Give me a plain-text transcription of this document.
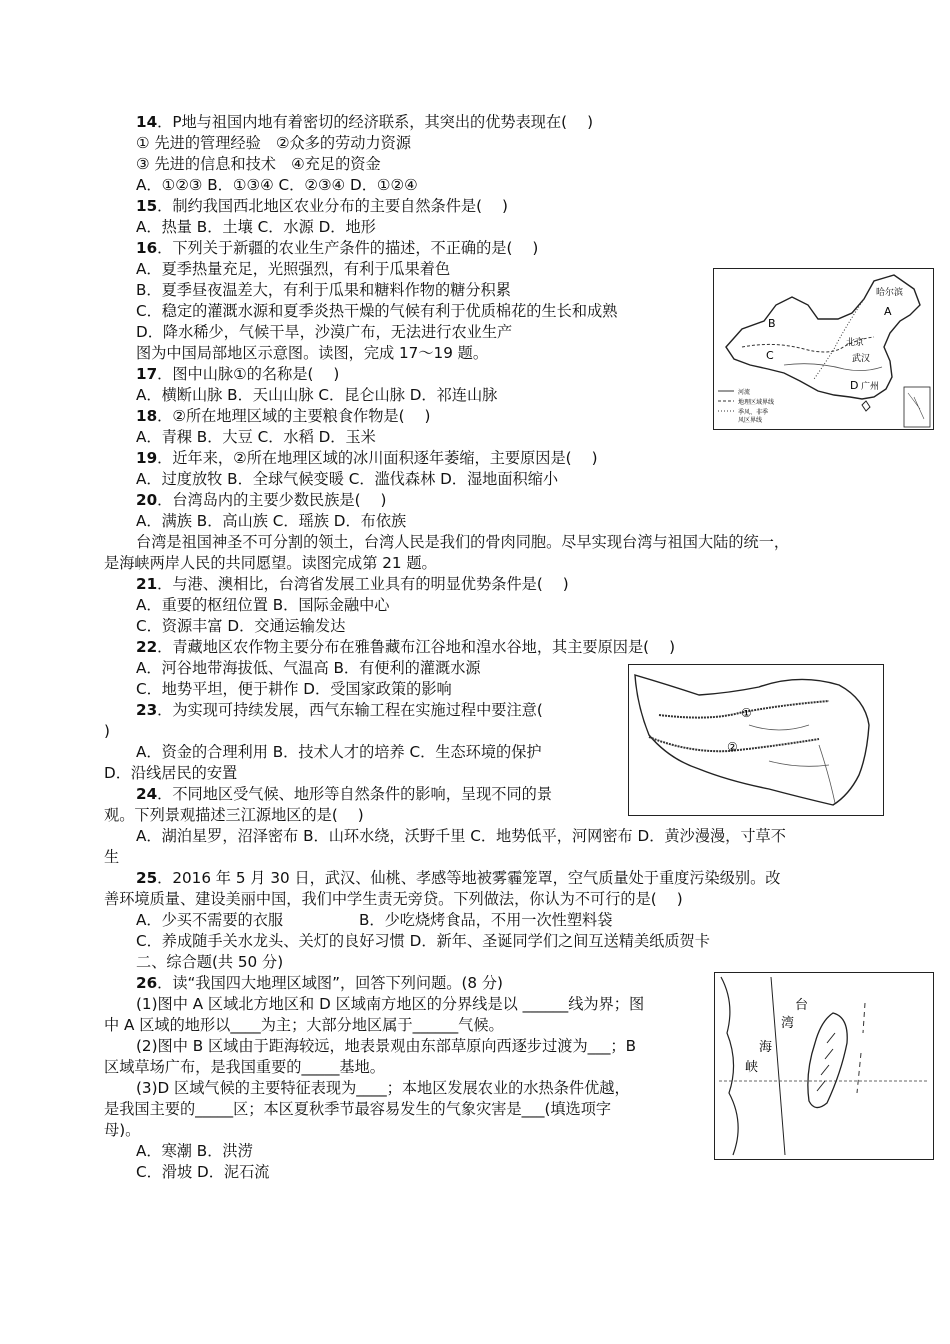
14．P地与祖国内地有着密切的经济联系，其突出的优势表现在(　 )
① 先进的管理经验　②众多的劳动力资源
③ 先进的信息和技术　④充足的资金
A．①②③ B．①③④ C．②③④ D．①②④
15．制约我国西北地区农业分布的主要自然条件是(　 )
A．热量 B．土壤 C．水源 D．地形
16．下列关于新疆的农业生产条件的描述，不正确的是(　 )
A．夏季热量充足，光照强烈，有利于瓜果着色
B．夏季昼夜温差大，有利于瓜果和糖料作物的糖分积累
C．稳定的灌溉水源和夏季炎热干燥的气候有利于优质棉花的生长和成熟
D．降水稀少，气候干旱，沙漠广布，无法进行农业生产
图为中国局部地区示意图。读图，完成 17～19 题。
17．图中山脉①的名称是(　 )
A．横断山脉 B．天山山脉 C．昆仑山脉 D．祁连山脉
18．②所在地理区域的主要粮食作物是(　 )
A．青稞 B．大豆 C．水稻 D．玉米
19．近年来，②所在地理区域的冰川面积逐年萎缩，主要原因是(　 )
A．过度放牧 B．全球气候变暖 C．滥伐森林 D．湿地面积缩小
20．台湾岛内的主要少数民族是(　 )
A．满族 B．高山族 C．瑶族 D．布依族
台湾是祖国神圣不可分割的领土，台湾人民是我们的骨肉同胞。尽早实现台湾与祖国大陆的统一，
是海峡两岸人民的共同愿望。读图完成第 21 题。
21．与港、澳相比，台湾省发展工业具有的明显优势条件是(　 )
A．重要的枢纽位置 B．国际金融中心
C．资源丰富 D．交通运输发达
22．青藏地区农作物主要分布在雅鲁藏布江谷地和湟水谷地，其主要原因是(　 )
A．河谷地带海拔低、气温高 B．有便利的灌溉水源
C．地势平坦，便于耕作 D．受国家政策的影响
23．为实现可持续发展，西气东输工程在实施过程中要注意(
)
A．资金的合理利用 B．技术人才的培养 C．生态环境的保护
D．沿线居民的安置
24．不同地区受气候、地形等自然条件的影响，呈现不同的景
观。下列景观描述三江源地区的是(　 )
A．湖泊星罗，沼泽密布 B．山环水绕，沃野千里 C．地势低平，河网密布 D．黄沙漫漫，寸草不
生
25．2016 年 5 月 30 日，武汉、仙桃、孝感等地被雾霾笼罩，空气质量处于重度污染级别。改
善环境质量、建设美丽中国，我们中学生责无旁贷。下列做法，你认为不可行的是(　 )
A．少买不需要的衣服　　　　　B．少吃烧烤食品，不用一次性塑料袋
C．养成随手关水龙头、关灯的良好习惯 D．新年、圣诞同学们之间互送精美纸质贺卡
二、综合题(共 50 分)
26．读“我国四大地理区域图”，回答下列问题。(8 分)
(1)图中 A 区域北方地区和 D 区域南方地区的分界线是以 ______线为界；图
中 A 区域的地形以____为主；大部分地区属于______气候。
(2)图中 B 区域由于距海较远，地表景观由东部草原向西逐步过渡为___；B
区域草场广布，是我国重要的_____基地。
(3)D 区域气候的主要特征表现为____；本地区发展农业的水热条件优越，
是我国主要的_____区；本区夏秋季节最容易发生的气象灾害是___(填选项字
母)。
A．寒潮 B．洪涝
C．滑坡 D．泥石流
哈尔滨
A
B
北京
C	武汉
D 广州
河流
地理区域界线
季风、非季
风区界线
①
②
台
湾
海
峡
